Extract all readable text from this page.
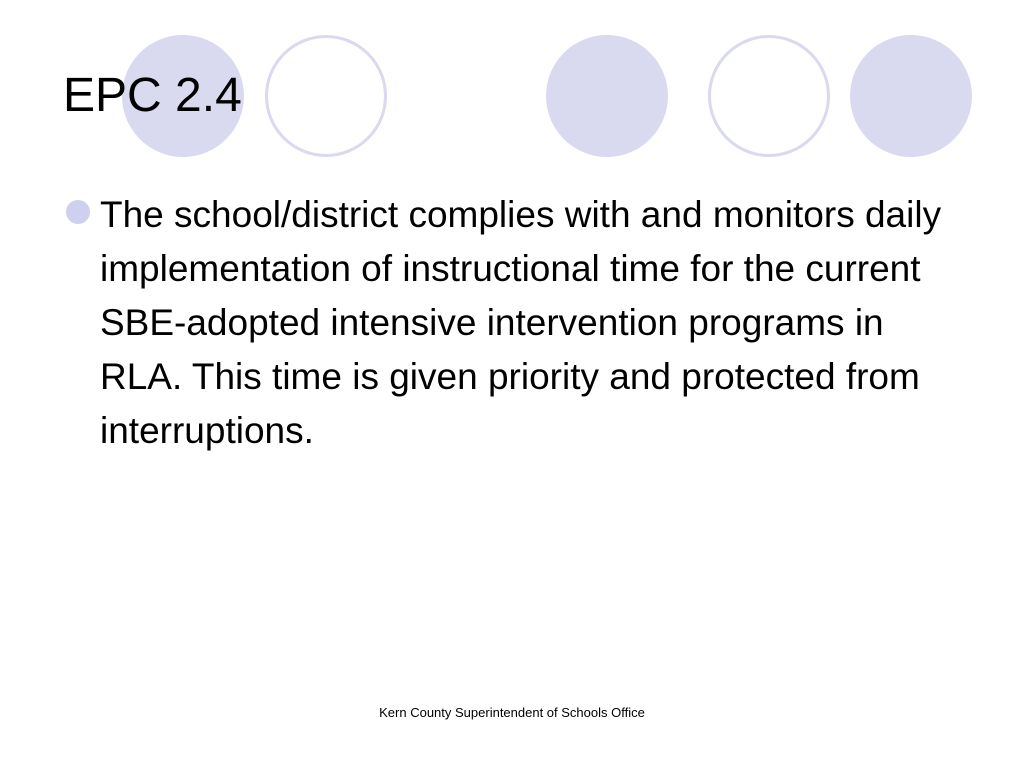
EPC 2.4
The school/district complies with and monitors daily implementation of instructional time for the current SBE-adopted intensive intervention programs in RLA. This time is given priority and protected from interruptions.
Kern County Superintendent of Schools Office
